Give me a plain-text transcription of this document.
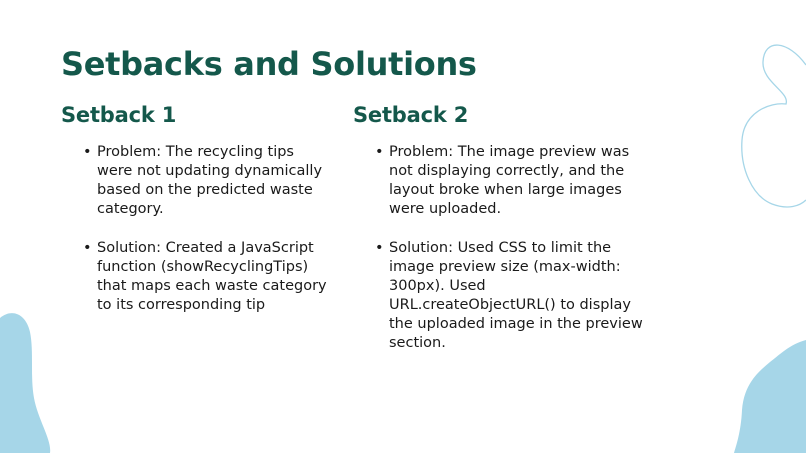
Setbacks and Solutions
Setback 1
• Problem: The recycling tips were not updating dynamically based on the predicted waste category.
• Solution: Created a JavaScript function (showRecyclingTips) that maps each waste category to its corresponding tip
Setback 2
• Problem: The image preview was not displaying correctly, and the layout broke when large images were uploaded.
• Solution: Used CSS to limit the image preview size (max-width: 300px). Used URL.createObjectURL() to display the uploaded image in the preview section.
